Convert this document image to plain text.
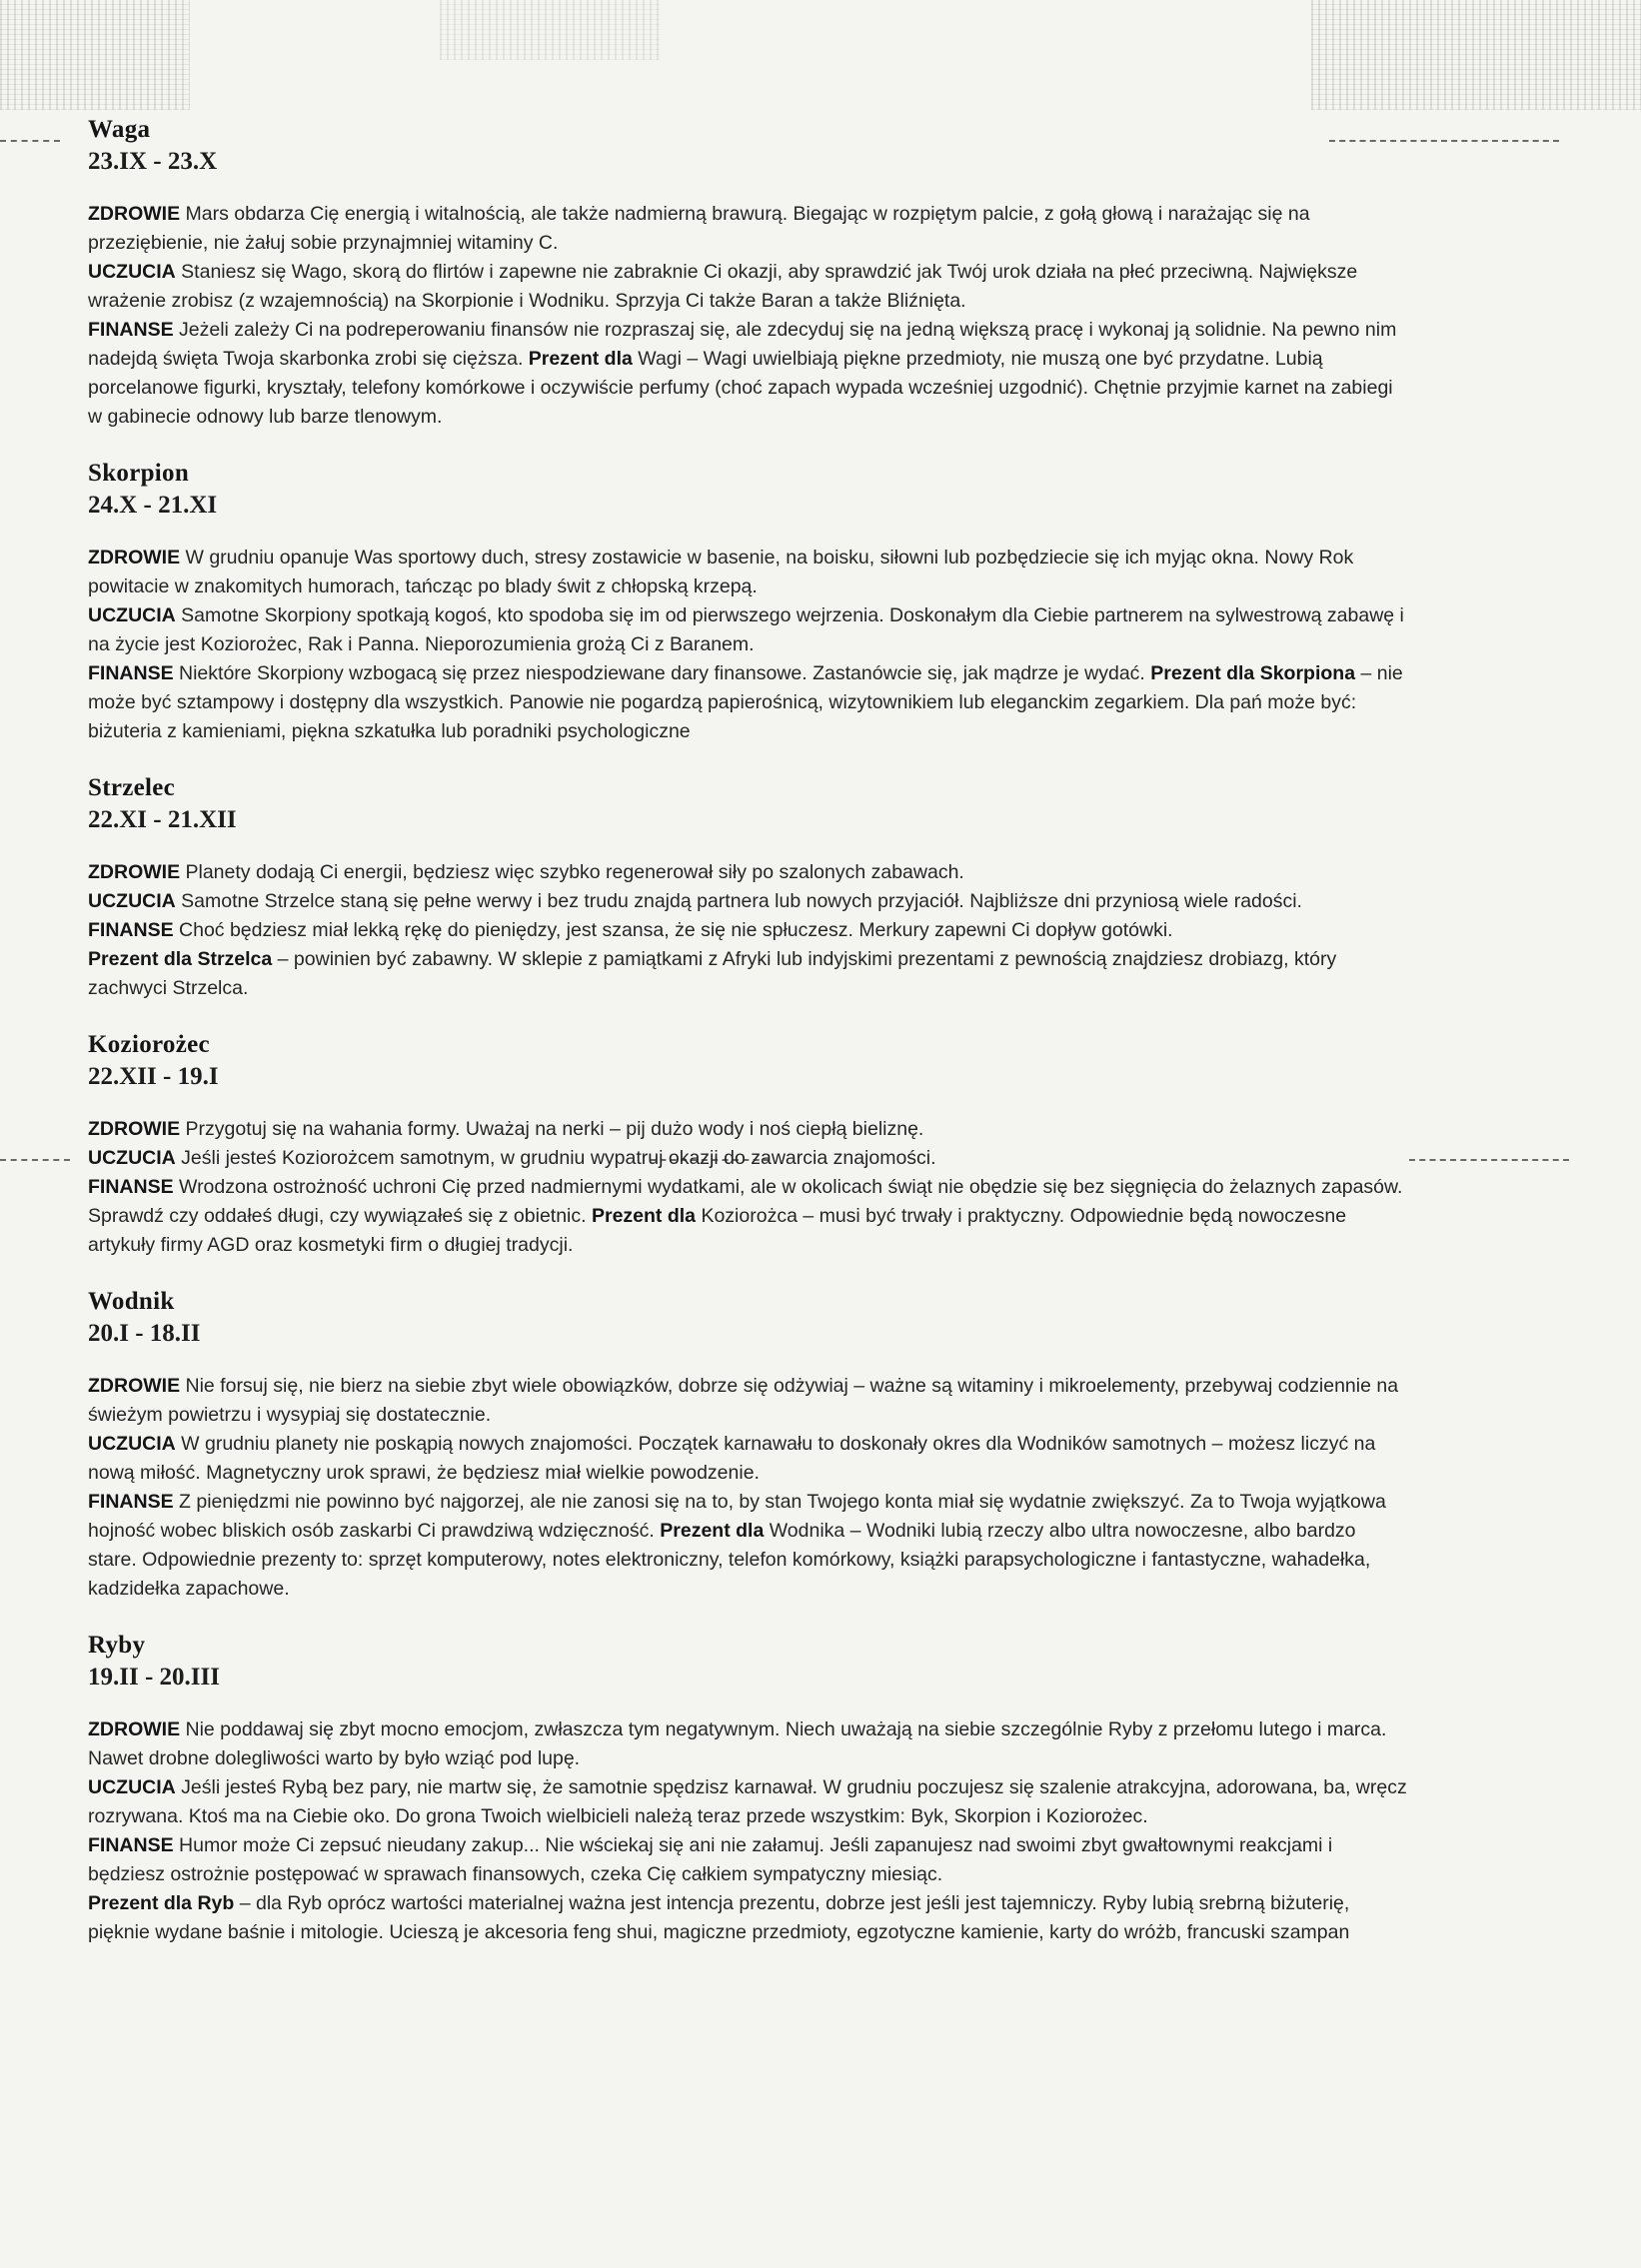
Waga
23.IX - 23.X

ZDROWIE Mars obdarza Cię energią i witalnością, ale także nadmierną brawurą. Biegając w rozpiętym palcie, z gołą głową i narażając się na przeziębienie, nie żałuj sobie przynajmniej witaminy C.

UCZUCIA Staniesz się Wago, skorą do flirtów i zapewne nie zabraknie Ci okazji, aby sprawdzić jak Twój urok działa na płeć przeciwną. Największe wrażenie zrobisz (z wzajemnością) na Skorpionie i Wodniku. Sprzyja Ci także Baran a także Bliźnięta.

FINANSE Jeżeli zależy Ci na podreperowaniu finansów nie rozpraszaj się, ale zdecyduj się na jedną większą pracę i wykonaj ją solidnie. Na pewno nim nadejdą święta Twoja skarbonka zrobi się cięższa. Prezent dla Wagi – Wagi uwielbiają piękne przedmioty, nie muszą one być przydatne. Lubią porcelanowe figurki, kryształy, telefony komórkowe i oczywiście perfumy (choć zapach wypada wcześniej uzgodnić). Chętnie przyjmie karnet na zabiegi w gabinecie odnowy lub barze tlenowym.

Skorpion
24.X - 21.XI

ZDROWIE W grudniu opanuje Was sportowy duch, stresy zostawicie w basenie, na boisku, siłowni lub pozbędziecie się ich myjąc okna. Nowy Rok powitacie w znakomitych humorach, tańcząc po blady świt z chłopską krzepą.

UCZUCIA Samotne Skorpiony spotkają kogoś, kto spodoba się im od pierwszego wejrzenia. Doskonałym dla Ciebie partnerem na sylwestrową zabawę i na życie jest Koziorożec, Rak i Panna. Nieporozumienia grożą Ci z Baranem.

FINANSE Niektóre Skorpiony wzbogacą się przez niespodziewane dary finansowe. Zastanówcie się, jak mądrze je wydać. Prezent dla Skorpiona – nie może być sztampowy i dostępny dla wszystkich. Panowie nie pogardzą papierośnicą, wizytownikiem lub eleganckim zegarkiem. Dla pań może być: biżuteria z kamieniami, piękna szkatułka lub poradniki psychologiczne

Strzelec
22.XI - 21.XII

ZDROWIE Planety dodają Ci energii, będziesz więc szybko regenerował siły po szalonych zabawach.

UCZUCIA Samotne Strzelce staną się pełne werwy i bez trudu znajdą partnera lub nowych przyjaciół. Najbliższe dni przyniosą wiele radości.

FINANSE Choć będziesz miał lekką rękę do pieniędzy, jest szansa, że się nie spłuczesz. Merkury zapewni Ci dopływ gotówki.

Prezent dla Strzelca – powinien być zabawny. W sklepie z pamiątkami z Afryki lub indyjskimi prezentami z pewnością znajdziesz drobiazg, który zachwyci Strzelca.

Koziorożec
22.XII - 19.I

ZDROWIE Przygotuj się na wahania formy. Uważaj na nerki – pij dużo wody i noś ciepłą bieliznę.

UCZUCIA Jeśli jesteś Koziorożcem samotnym, w grudniu wypatruj okazji do zawarcia znajomości.

FINANSE Wrodzona ostrożność uchroni Cię przed nadmiernymi wydatkami, ale w okolicach świąt nie obędzie się bez sięgnięcia do żelaznych zapasów. Sprawdź czy oddałeś długi, czy wywiązałeś się z obietnic. Prezent dla Koziorożca – musi być trwały i praktyczny. Odpowiednie będą nowoczesne artykuły firmy AGD oraz kosmetyki firm o długiej tradycji.

Wodnik
20.I - 18.II

ZDROWIE Nie forsuj się, nie bierz na siebie zbyt wiele obowiązków, dobrze się odżywiaj – ważne są witaminy i mikroelementy, przebywaj codziennie na świeżym powietrzu i wysypiaj się dostatecznie.

UCZUCIA W grudniu planety nie poskąpią nowych znajomości. Początek karnawału to doskonały okres dla Wodników samotnych – możesz liczyć na nową miłość. Magnetyczny urok sprawi, że będziesz miał wielkie powodzenie.

FINANSE Z pieniędzmi nie powinno być najgorzej, ale nie zanosi się na to, by stan Twojego konta miał się wydatnie zwiększyć. Za to Twoja wyjątkowa hojność wobec bliskich osób zaskarbi Ci prawdziwą wdzięczność. Prezent dla Wodnika – Wodniki lubią rzeczy albo ultra nowoczesne, albo bardzo stare. Odpowiednie prezenty to: sprzęt komputerowy, notes elektroniczny, telefon komórkowy, książki parapsychologiczne i fantastyczne, wahadełka, kadzidełka zapachowe.

Ryby
19.II - 20.III

ZDROWIE Nie poddawaj się zbyt mocno emocjom, zwłaszcza tym negatywnym. Niech uważają na siebie szczególnie Ryby z przełomu lutego i marca. Nawet drobne dolegliwości warto by było wziąć pod lupę.

UCZUCIA Jeśli jesteś Rybą bez pary, nie martw się, że samotnie spędzisz karnawał. W grudniu poczujesz się szalenie atrakcyjna, adorowana, ba, wręcz rozrywana. Ktoś ma na Ciebie oko. Do grona Twoich wielbicieli należą teraz przede wszystkim: Byk, Skorpion i Koziorożec.

FINANSE Humor może Ci zepsuć nieudany zakup... Nie wściekaj się ani nie załamuj. Jeśli zapanujesz nad swoimi zbyt gwałtownymi reakcjami i będziesz ostrożnie postępować w sprawach finansowych, czeka Cię całkiem sympatyczny miesiąc.

Prezent dla Ryb – dla Ryb oprócz wartości materialnej ważna jest intencja prezentu, dobrze jest jeśli jest tajemniczy. Ryby lubią srebrną biżuterię, pięknie wydane baśnie i mitologie. Ucieszą je akcesoria feng shui, magiczne przedmioty, egzotyczne kamienie, karty do wróżb, francuski szampan
